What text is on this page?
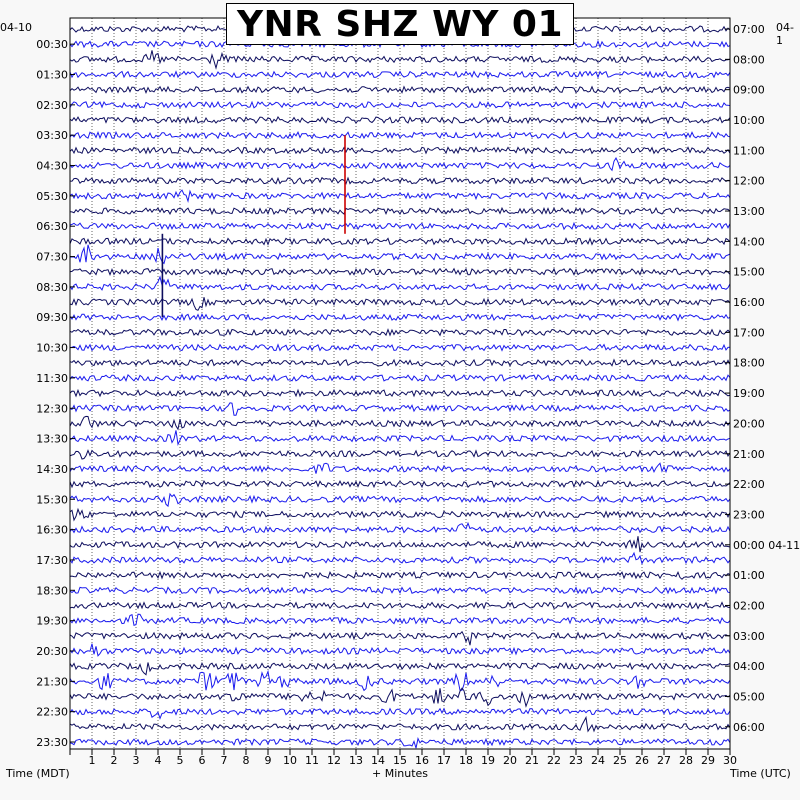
1 2 3 4 5 6 7 8 9 10 11 12 13 14 15 16 17 18 19 20 21 22 23 24 25 26 27 28 29 30
00:30
01:30
02:30
03:30
04:30
05:30
06:30
07:30
08:30
09:30
10:30
11:30
12:30
13:30
14:30
15:30
16:30
17:30
18:30
19:30
20:30
21:30
22:30
23:30
07:00
08:00
09:00
10:00
11:00
12:00
13:00
14:00
15:00
16:00
17:00
18:00
19:00
20:00
21:00
22:00
23:00
00:00 04-11
01:00
02:00
03:00
04:00
05:00
06:00
YNR SHZ WY 01
04-10	04-1
Time (MDT)	+ Minutes	Time (UTC)
